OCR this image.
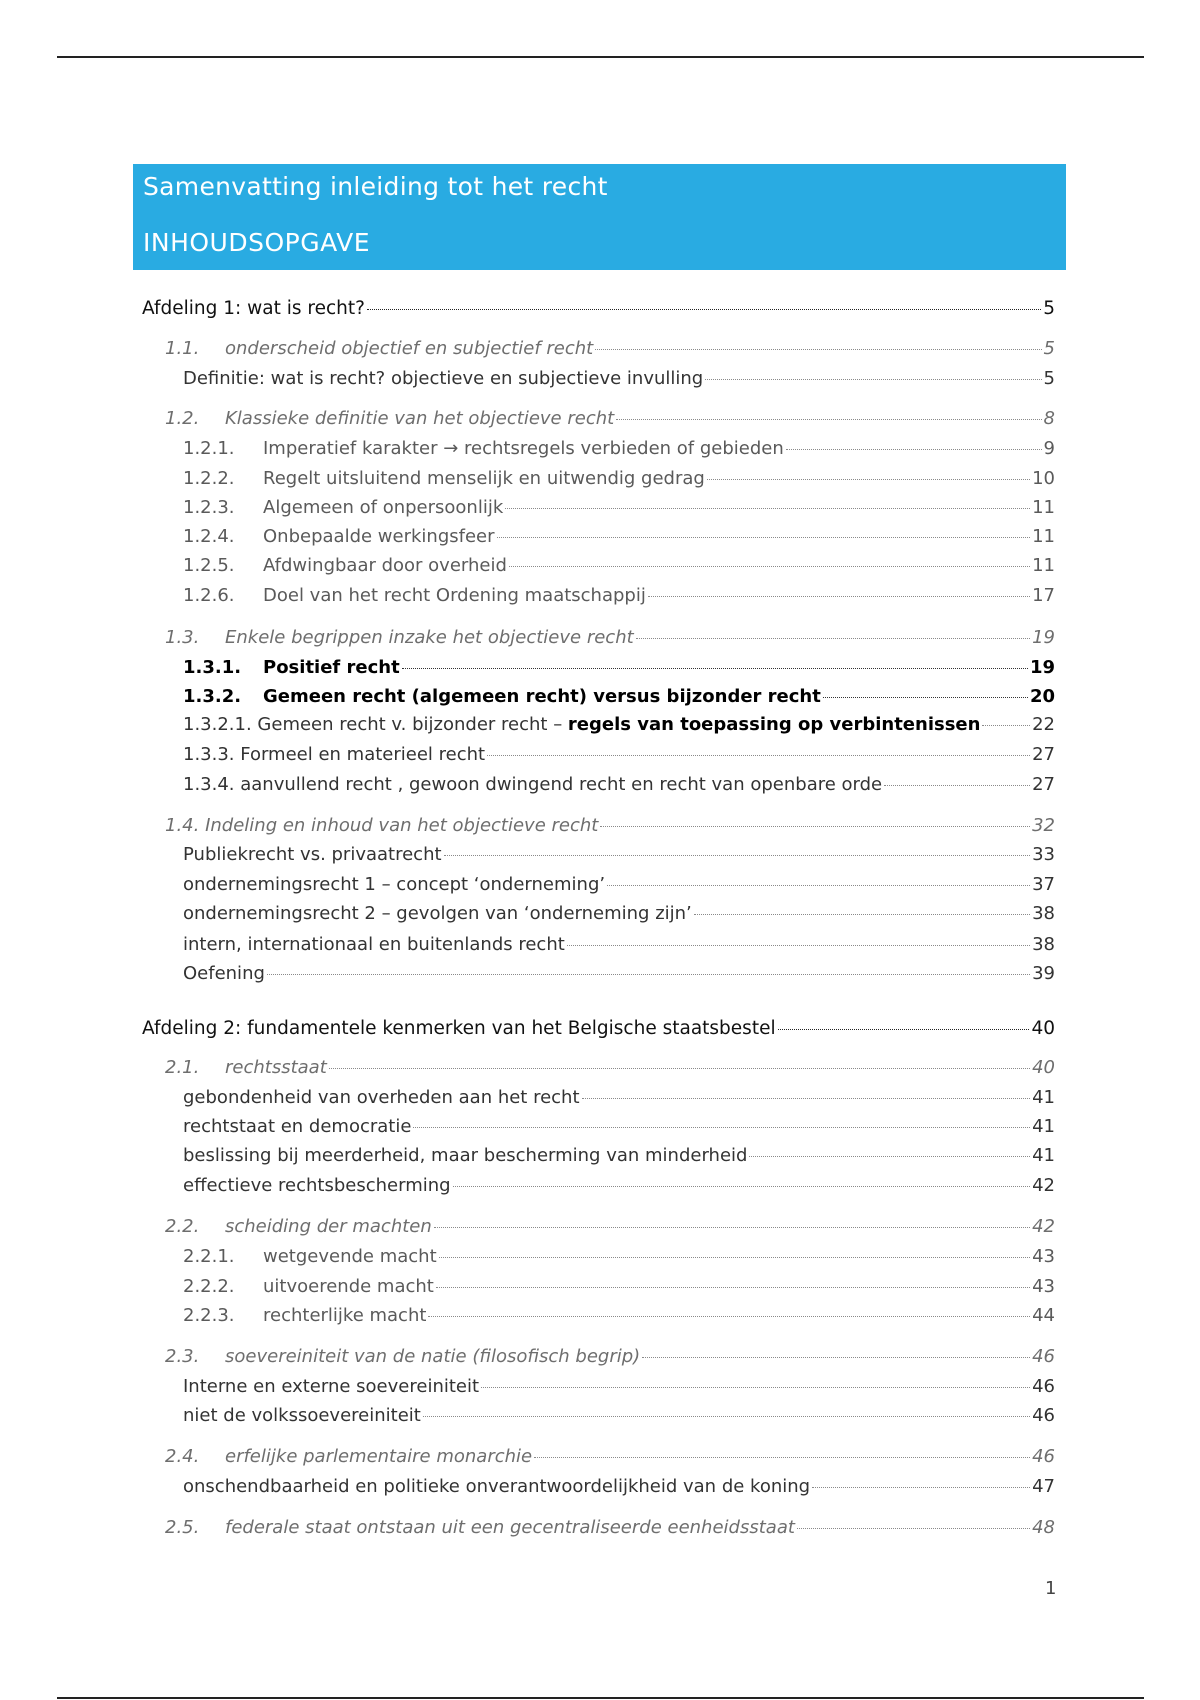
Samenvatting inleiding tot het recht
INHOUDSOPGAVE
Afdeling 1: wat is recht?	5
1.1.	onderscheid objectief en subjectief recht	5
Definitie: wat is recht? objectieve en subjectieve invulling	5
1.2.	Klassieke definitie van het objectieve recht	8
1.2.1.	Imperatief karakter → rechtsregels verbieden of gebieden	9
1.2.2.	Regelt uitsluitend menselijk en uitwendig gedrag	10
1.2.3.	Algemeen of onpersoonlijk	11
1.2.4.	Onbepaalde werkingsfeer	11
1.2.5.	Afdwingbaar door overheid	11
1.2.6.	Doel van het recht Ordening maatschappij	17
1.3.	Enkele begrippen inzake het objectieve recht	19
1.3.1.	Positief recht	19
1.3.2.	Gemeen recht (algemeen recht) versus bijzonder recht	20
1.3.2.1. Gemeen recht v. bijzonder recht – regels van toepassing op verbintenissen	22
1.3.3. Formeel en materieel recht	27
1.3.4. aanvullend recht , gewoon dwingend recht en recht van openbare orde	27
1.4. Indeling en inhoud van het objectieve recht	32
Publiekrecht vs. privaatrecht	33
ondernemingsrecht 1 – concept ‘onderneming’	37
ondernemingsrecht 2 – gevolgen van ‘onderneming zijn’	38
intern, internationaal en buitenlands recht	38
Oefening	39
Afdeling 2: fundamentele kenmerken van het Belgische staatsbestel	40
2.1.	rechtsstaat	40
gebondenheid van overheden aan het recht	41
rechtstaat en democratie	41
beslissing bij meerderheid, maar bescherming van minderheid	41
effectieve rechtsbescherming	42
2.2.	scheiding der machten	42
2.2.1.	wetgevende macht	43
2.2.2.	uitvoerende macht	43
2.2.3.	rechterlijke macht	44
2.3.	soevereiniteit van de natie (filosofisch begrip)	46
Interne en externe soevereiniteit	46
niet de volkssoevereiniteit	46
2.4.	erfelijke parlementaire monarchie	46
onschendbaarheid en politieke onverantwoordelijkheid van de koning	47
2.5.	federale staat ontstaan uit een gecentraliseerde eenheidsstaat	48
1
